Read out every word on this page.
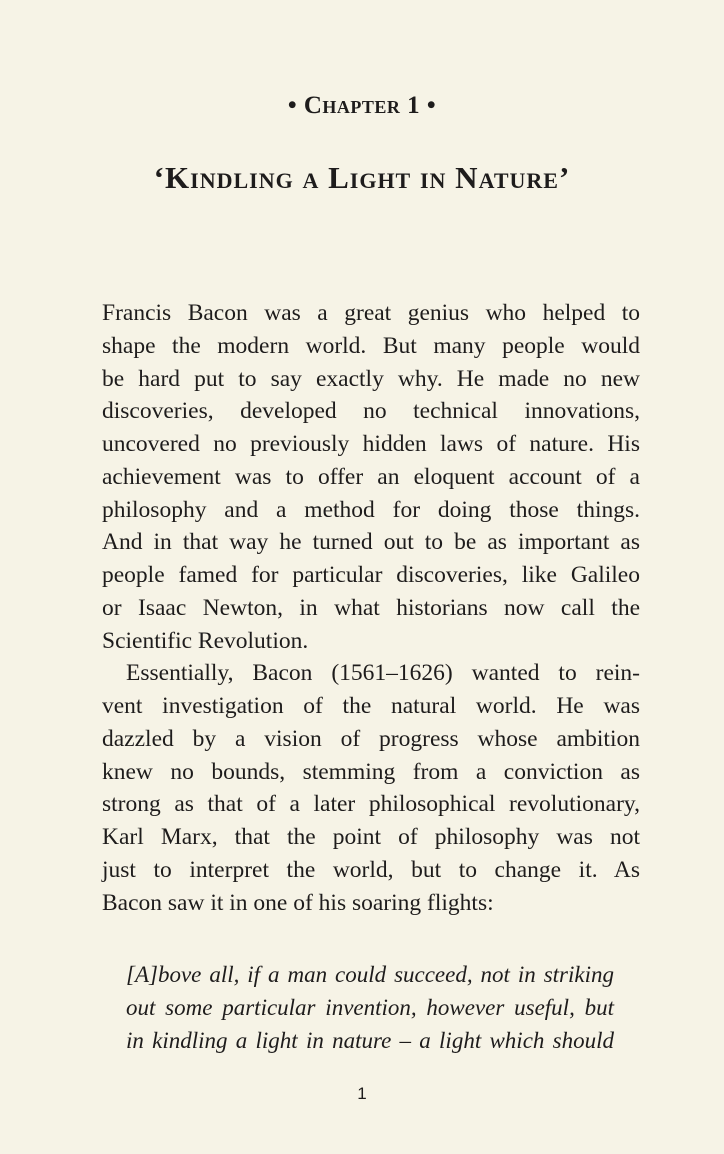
• Chapter 1 •
‘Kindling a Light in Nature’
Francis Bacon was a great genius who helped to
shape the modern world. But many people would
be hard put to say exactly why. He made no new
discoveries, developed no technical innovations,
uncovered no previously hidden laws of nature. His
achievement was to offer an eloquent account of a
philosophy and a method for doing those things.
And in that way he turned out to be as important as
people famed for particular discoveries, like Galileo
or Isaac Newton, in what historians now call the
Scientific Revolution.
Essentially, Bacon (1561–1626) wanted to rein-
vent investigation of the natural world. He was
dazzled by a vision of progress whose ambition
knew no bounds, stemming from a conviction as
strong as that of a later philosophical revolutionary,
Karl Marx, that the point of philosophy was not
just to interpret the world, but to change it. As
Bacon saw it in one of his soaring flights:
[A]bove all, if a man could succeed, not in striking
out some particular invention, however useful, but
in kindling a light in nature – a light which should
1
